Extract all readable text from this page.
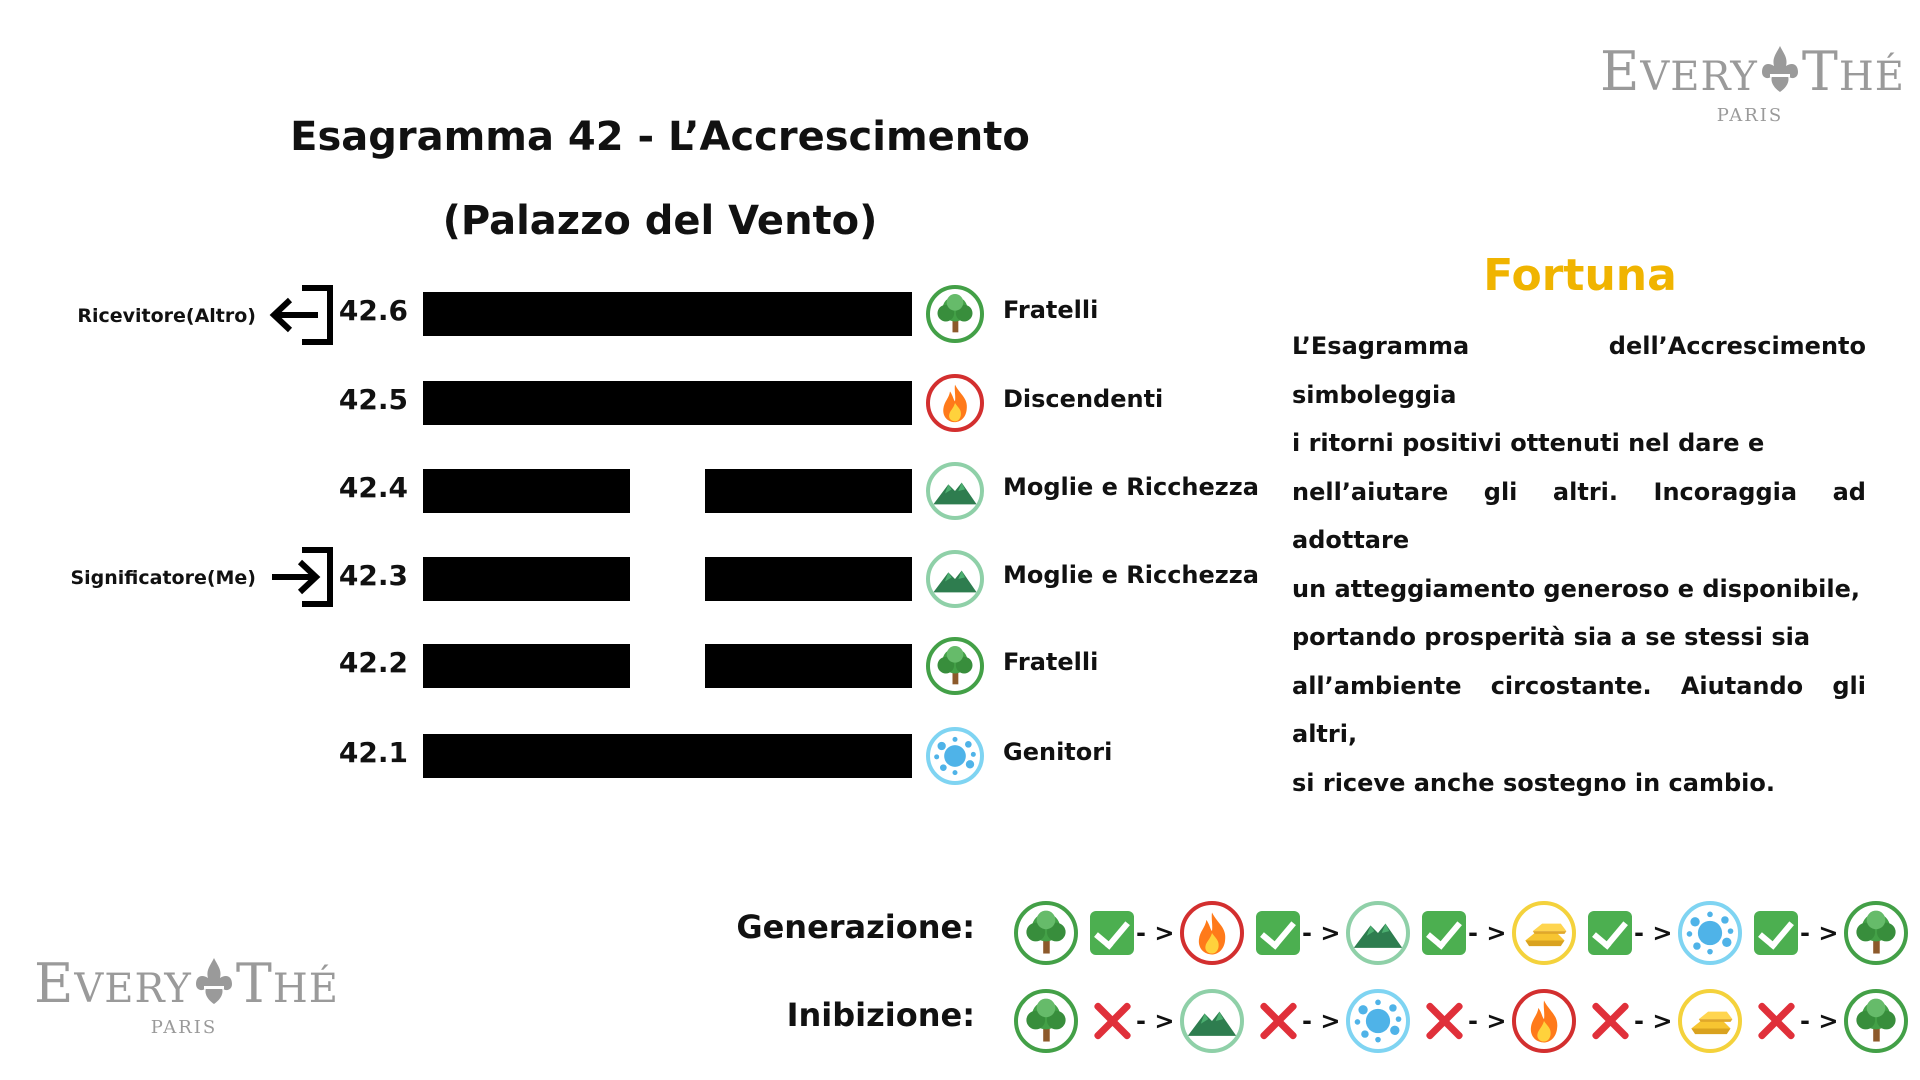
EVERY THÉ
PARIS
EVERY THÉ
PARIS
Esagramma 42 - L’Accrescimento
(Palazzo del Vento)
42.6	Fratelli
42.5	Discendenti
42.4	Moglie e Ricchezza
42.3	Moglie e Ricchezza
42.2	Fratelli
42.1	Genitori
Ricevitore(Altro)
Significatore(Me)
Fortuna
L’Esagramma dell’Accrescimento simboleggia
i ritorni positivi ottenuti nel dare e
nell’aiutare gli altri. Incoraggia ad adottare
un atteggiamento generoso e disponibile,
portando prosperità sia a se stessi sia
all’ambiente circostante. Aiutando gli altri,
si riceve anche sostegno in cambio.
Generazione:	- >	- >	- >	- >	- >
Inibizione:	- >	- >	- >	- >	- >
